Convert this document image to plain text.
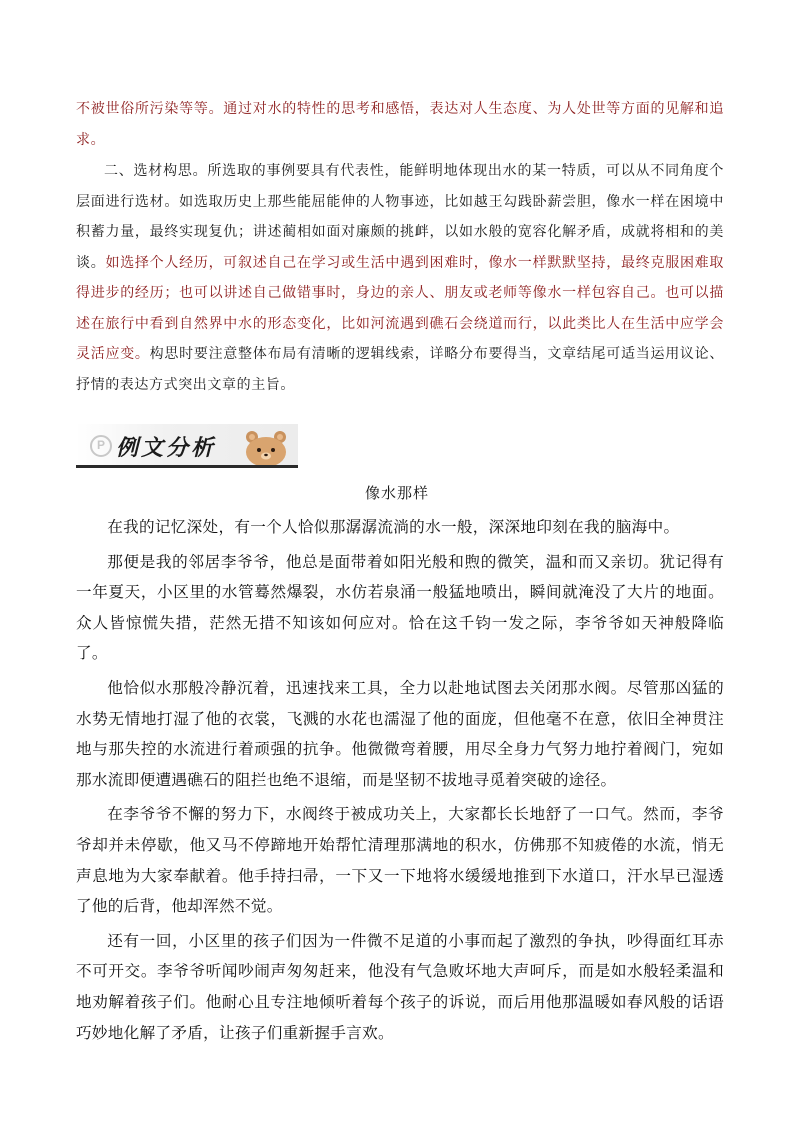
不被世俗所污染等等。通过对水的特性的思考和感悟，表达对人生态度、为人处世等方面的见解和追求。
二、选材构思。所选取的事例要具有代表性，能鲜明地体现出水的某一特质，可以从不同角度个层面进行选材。如选取历史上那些能屈能伸的人物事迹，比如越王勾践卧薪尝胆，像水一样在困境中积蓄力量，最终实现复仇；讲述蔺相如面对廉颇的挑衅，以如水般的宽容化解矛盾，成就将相和的美谈。如选择个人经历，可叙述自己在学习或生活中遇到困难时，像水一样默默坚持，最终克服困难取得进步的经历；也可以讲述自己做错事时，身边的亲人、朋友或老师等像水一样包容自己。也可以描述在旅行中看到自然界中水的形态变化，比如河流遇到礁石会绕道而行，以此类比人在生活中应学会灵活应变。构思时要注意整体布局有清晰的逻辑线索，详略分布要得当，文章结尾可适当运用议论、抒情的表达方式突出文章的主旨。
P 例文分析
像水那样

在我的记忆深处，有一个人恰似那潺潺流淌的水一般，深深地印刻在我的脑海中。

那便是我的邻居李爷爷，他总是面带着如阳光般和煦的微笑，温和而又亲切。犹记得有一年夏天，小区里的水管蓦然爆裂，水仿若泉涌一般猛地喷出，瞬间就淹没了大片的地面。众人皆惊慌失措，茫然无措不知该如何应对。恰在这千钧一发之际，李爷爷如天神般降临了。

他恰似水那般冷静沉着，迅速找来工具，全力以赴地试图去关闭那水阀。尽管那凶猛的水势无情地打湿了他的衣裳，飞溅的水花也濡湿了他的面庞，但他毫不在意，依旧全神贯注地与那失控的水流进行着顽强的抗争。他微微弯着腰，用尽全身力气努力地拧着阀门，宛如那水流即便遭遇礁石的阻拦也绝不退缩，而是坚韧不拔地寻觅着突破的途径。

在李爷爷不懈的努力下，水阀终于被成功关上，大家都长长地舒了一口气。然而，李爷爷却并未停歇，他又马不停蹄地开始帮忙清理那满地的积水，仿佛那不知疲倦的水流，悄无声息地为大家奉献着。他手持扫帚，一下又一下地将水缓缓地推到下水道口，汗水早已湿透了他的后背，他却浑然不觉。

还有一回，小区里的孩子们因为一件微不足道的小事而起了激烈的争执，吵得面红耳赤不可开交。李爷爷听闻吵闹声匆匆赶来，他没有气急败坏地大声呵斥，而是如水般轻柔温和地劝解着孩子们。他耐心且专注地倾听着每个孩子的诉说，而后用他那温暖如春风般的话语巧妙地化解了矛盾，让孩子们重新握手言欢。
